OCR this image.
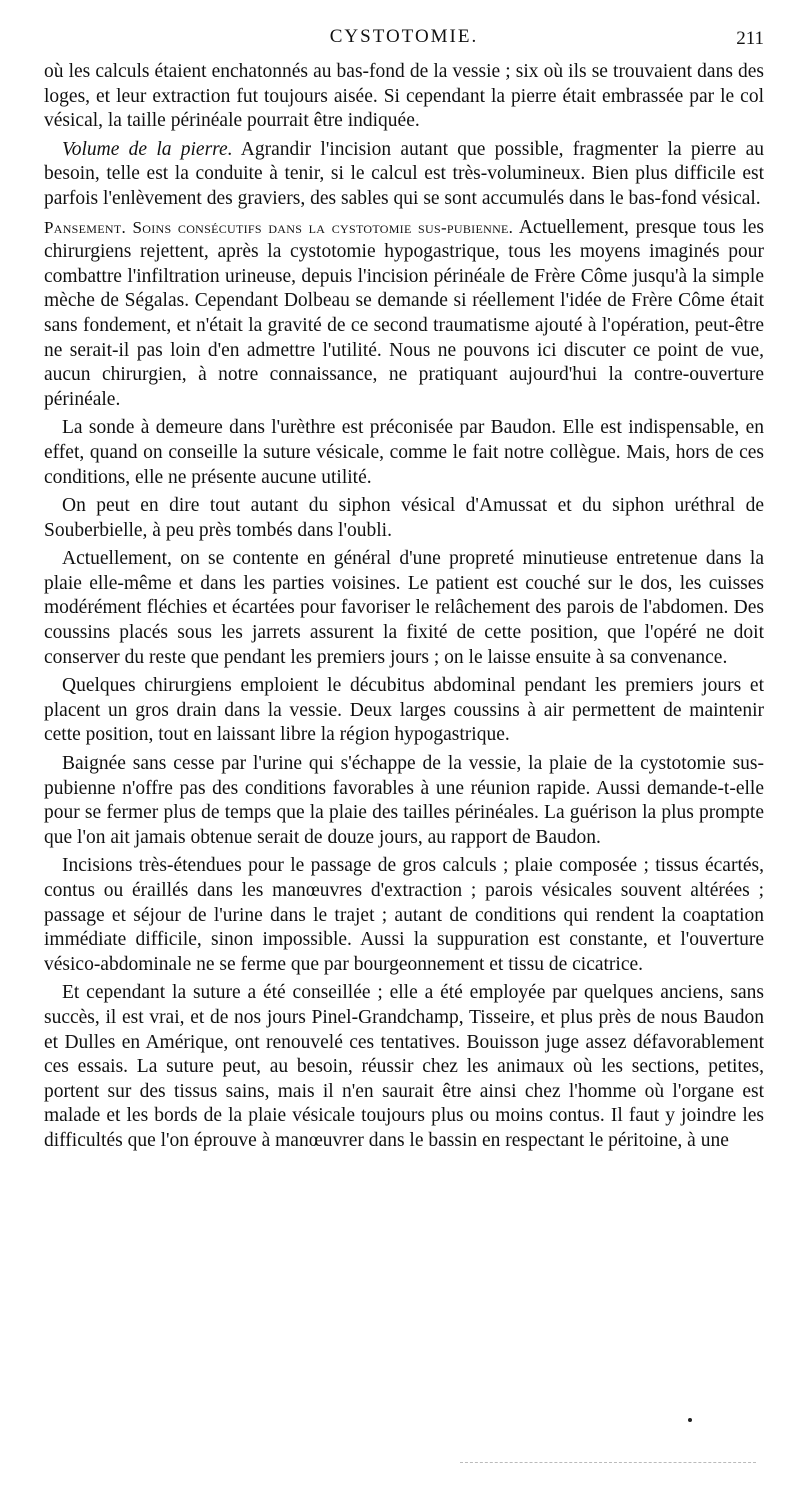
CYSTOTOMIE.	211

où les calculs étaient enchatonnés au bas-fond de la vessie ; six où ils se trouvaient dans des loges, et leur extraction fut toujours aisée. Si cependant la pierre était embrassée par le col vésical, la taille périnéale pourrait être indiquée.

Volume de la pierre. Agrandir l'incision autant que possible, fragmenter la pierre au besoin, telle est la conduite à tenir, si le calcul est très-volumineux. Bien plus difficile est parfois l'enlèvement des graviers, des sables qui se sont accumulés dans le bas-fond vésical.

Pansement. Soins consécutifs dans la cystotomie sus-pubienne. Actuellement, presque tous les chirurgiens rejettent, après la cystotomie hypogastrique, tous les moyens imaginés pour combattre l'infiltration urineuse, depuis l'incision périnéale de Frère Côme jusqu'à la simple mèche de Ségalas. Cependant Dolbeau se demande si réellement l'idée de Frère Côme était sans fondement, et n'était la gravité de ce second traumatisme ajouté à l'opération, peut-être ne serait-il pas loin d'en admettre l'utilité. Nous ne pouvons ici discuter ce point de vue, aucun chirurgien, à notre connaissance, ne pratiquant aujourd'hui la contre-ouverture périnéale.

La sonde à demeure dans l'urèthre est préconisée par Baudon. Elle est indispensable, en effet, quand on conseille la suture vésicale, comme le fait notre collègue. Mais, hors de ces conditions, elle ne présente aucune utilité.

On peut en dire tout autant du siphon vésical d'Amussat et du siphon uréthral de Souberbielle, à peu près tombés dans l'oubli.

Actuellement, on se contente en général d'une propreté minutieuse entretenue dans la plaie elle-même et dans les parties voisines. Le patient est couché sur le dos, les cuisses modérément fléchies et écartées pour favoriser le relâchement des parois de l'abdomen. Des coussins placés sous les jarrets assurent la fixité de cette position, que l'opéré ne doit conserver du reste que pendant les premiers jours ; on le laisse ensuite à sa convenance.

Quelques chirurgiens emploient le décubitus abdominal pendant les premiers jours et placent un gros drain dans la vessie. Deux larges coussins à air permettent de maintenir cette position, tout en laissant libre la région hypogastrique.

Baignée sans cesse par l'urine qui s'échappe de la vessie, la plaie de la cystotomie sus-pubienne n'offre pas des conditions favorables à une réunion rapide. Aussi demande-t-elle pour se fermer plus de temps que la plaie des tailles périnéales. La guérison la plus prompte que l'on ait jamais obtenue serait de douze jours, au rapport de Baudon.

Incisions très-étendues pour le passage de gros calculs ; plaie composée ; tissus écartés, contus ou éraillés dans les manœuvres d'extraction ; parois vésicales souvent altérées ; passage et séjour de l'urine dans le trajet ; autant de conditions qui rendent la coaptation immédiate difficile, sinon impossible. Aussi la suppuration est constante, et l'ouverture vésico-abdominale ne se ferme que par bourgeonnement et tissu de cicatrice.

Et cependant la suture a été conseillée ; elle a été employée par quelques anciens, sans succès, il est vrai, et de nos jours Pinel-Grandchamp, Tisseire, et plus près de nous Baudon et Dulles en Amérique, ont renouvelé ces tentatives. Bouisson juge assez défavorablement ces essais. La suture peut, au besoin, réussir chez les animaux où les sections, petites, portent sur des tissus sains, mais il n'en saurait être ainsi chez l'homme où l'organe est malade et les bords de la plaie vésicale toujours plus ou moins contus. Il faut y joindre les difficultés que l'on éprouve à manœuvrer dans le bassin en respectant le péritoine, à une
